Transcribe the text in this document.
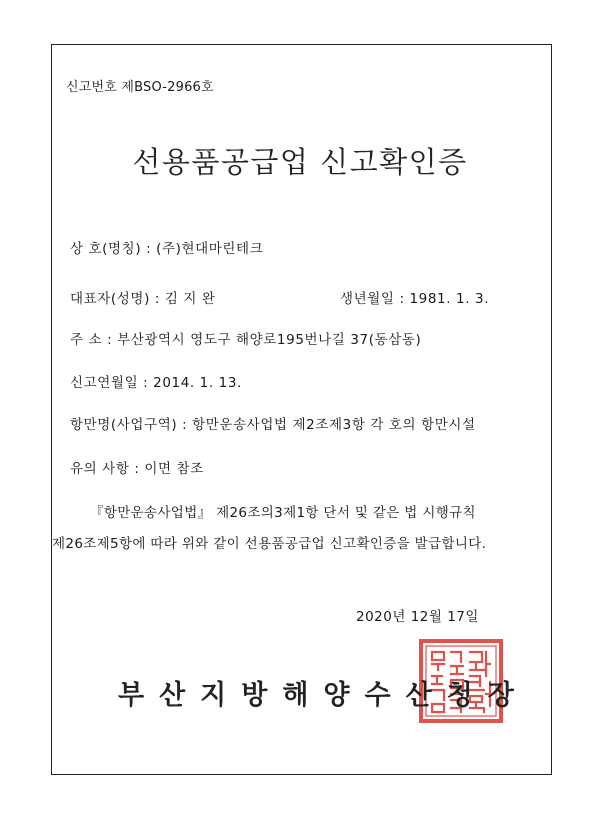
신고번호 제BSO-2966호
선용품공급업 신고확인증
상 호(명칭) : (주)현대마린테크
대표자(성명) : 김 지 완	생년월일 : 1981. 1. 3.
주 소 : 부산광역시 영도구 해양로195번나길 37(동삼동)
신고연월일 : 2014. 1. 13.
항만명(사업구역) : 항만운송사업법 제2조제3항 각 호의 항만시설
유의 사항 : 이면 참조
『항만운송사업법』 제26조의3제1항 단서 및 같은 법 시행규칙
제26조제5항에 따라 위와 같이 선용품공급업 신고확인증을 발급합니다.
2020년 12월 17일
부산지방해양수산청장
